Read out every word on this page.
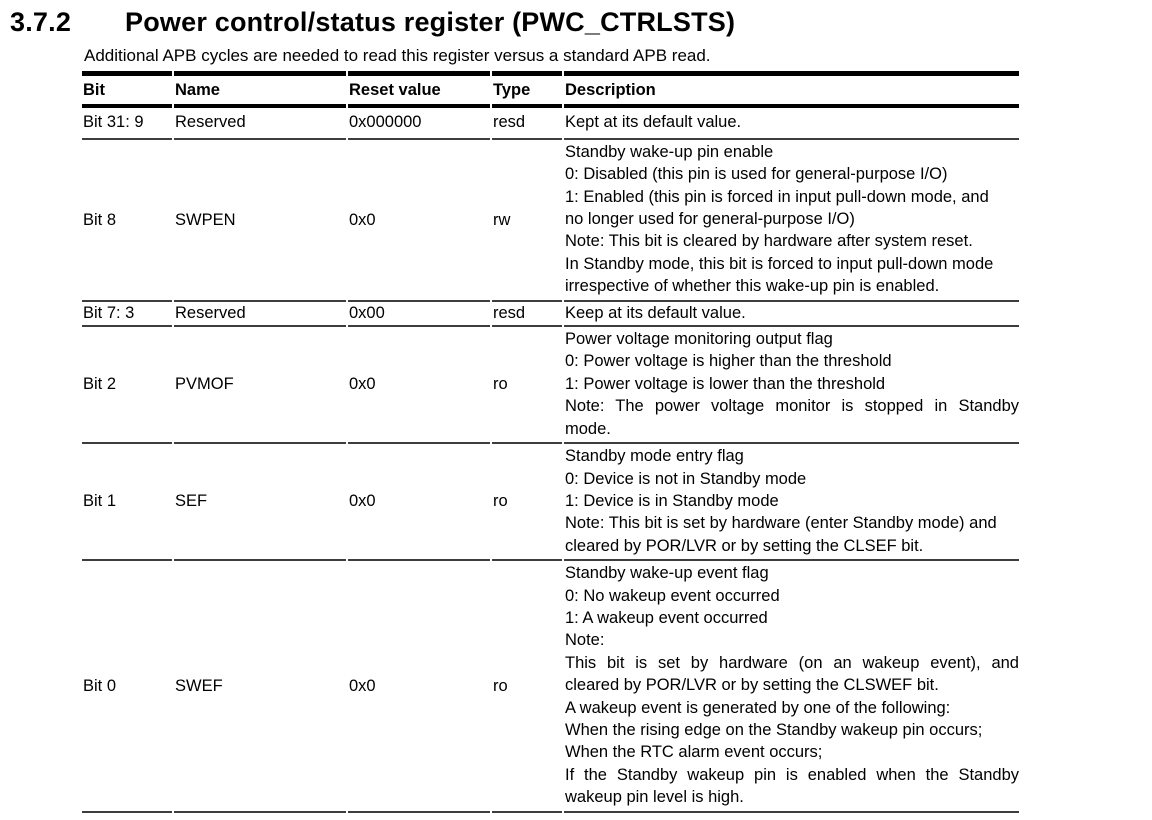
3.7.2	Power control/status register (PWC_CTRLSTS)
Additional APB cycles are needed to read this register versus a standard APB read.
Bit	Name	Reset value	Type	Description
Bit 31: 9	Reserved	0x000000	resd	Kept at its default value.

Bit 8	SWPEN	0x0	rw	
Standby wake-up pin enable
0: Disabled (this pin is used for general-purpose I/O)
1: Enabled (this pin is forced in input pull-down mode, and
no longer used for general-purpose I/O)
Note: This bit is cleared by hardware after system reset.
In Standby mode, this bit is forced to input pull-down mode
irrespective of whether this wake-up pin is enabled.

Bit 7: 3	Reserved	0x00	resd	Keep at its default value.

Bit 2	PVMOF	0x0	ro	Power voltage monitoring output flag
0: Power voltage is higher than the threshold
1: Power voltage is lower than the threshold
Note: The power voltage monitor is stopped in Standby
mode.

Bit 1	SEF	0x0	ro	Standby mode entry flag
0: Device is not in Standby mode
1: Device is in Standby mode
Note: This bit is set by hardware (enter Standby mode) and
cleared by POR/LVR or by setting the CLSEF bit.

Bit 0	SWEF	0x0	ro	
Standby wake-up event flag
0: No wakeup event occurred
1: A wakeup event occurred
Note:
This bit is set by hardware (on an wakeup event), and
cleared by POR/LVR or by setting the CLSWEF bit.
A wakeup event is generated by one of the following:
When the rising edge on the Standby wakeup pin occurs;
When the RTC alarm event occurs;
If the Standby wakeup pin is enabled when the Standby
wakeup pin level is high.
